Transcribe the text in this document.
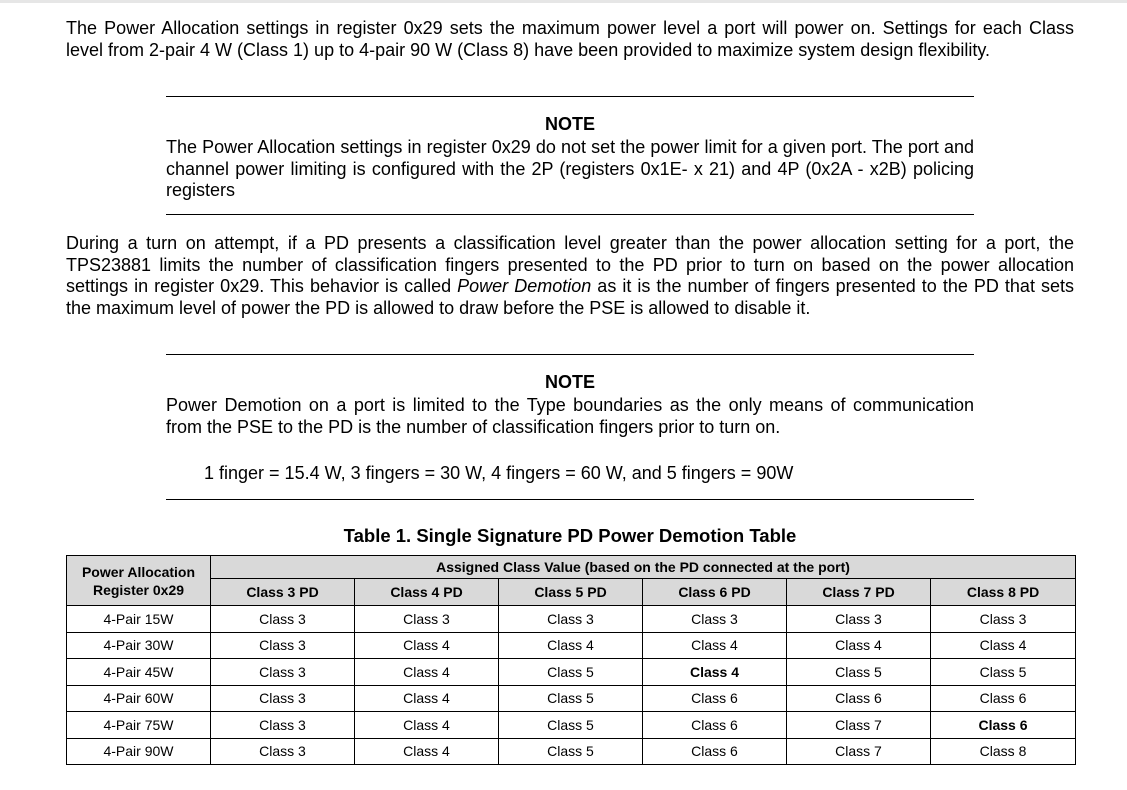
The Power Allocation settings in register 0x29 sets the maximum power level a port will power on. Settings for each Class level from 2-pair 4 W (Class 1) up to 4-pair 90 W (Class 8) have been provided to maximize system design flexibility.

NOTE

The Power Allocation settings in register 0x29 do not set the power limit for a given port. The port and channel power limiting is configured with the 2P (registers 0x1E- x 21) and 4P (0x2A - x2B) policing registers

During a turn on attempt, if a PD presents a classification level greater than the power allocation setting for a port, the TPS23881 limits the number of classification fingers presented to the PD prior to turn on based on the power allocation settings in register 0x29. This behavior is called Power Demotion as it is the number of fingers presented to the PD that sets the maximum level of power the PD is allowed to draw before the PSE is allowed to disable it.

NOTE

Power Demotion on a port is limited to the Type boundaries as the only means of communication from the PSE to the PD is the number of classification fingers prior to turn on.

1 finger = 15.4 W, 3 fingers = 30 W, 4 fingers = 60 W, and 5 fingers = 90W

Table 1. Single Signature PD Power Demotion Table

Power Allocation
Register 0x29	Assigned Class Value (based on the PD connected at the port)					
	Class 3 PD	Class 4 PD	Class 5 PD	Class 6 PD	Class 7 PD	Class 8 PD
4-Pair 15W	Class 3	Class 3	Class 3	Class 3	Class 3	Class 3
4-Pair 30W	Class 3	Class 4	Class 4	Class 4	Class 4	Class 4
4-Pair 45W	Class 3	Class 4	Class 5	Class 4	Class 5	Class 5
4-Pair 60W	Class 3	Class 4	Class 5	Class 6	Class 6	Class 6
4-Pair 75W	Class 3	Class 4	Class 5	Class 6	Class 7	Class 6
4-Pair 90W	Class 3	Class 4	Class 5	Class 6	Class 7	Class 8
